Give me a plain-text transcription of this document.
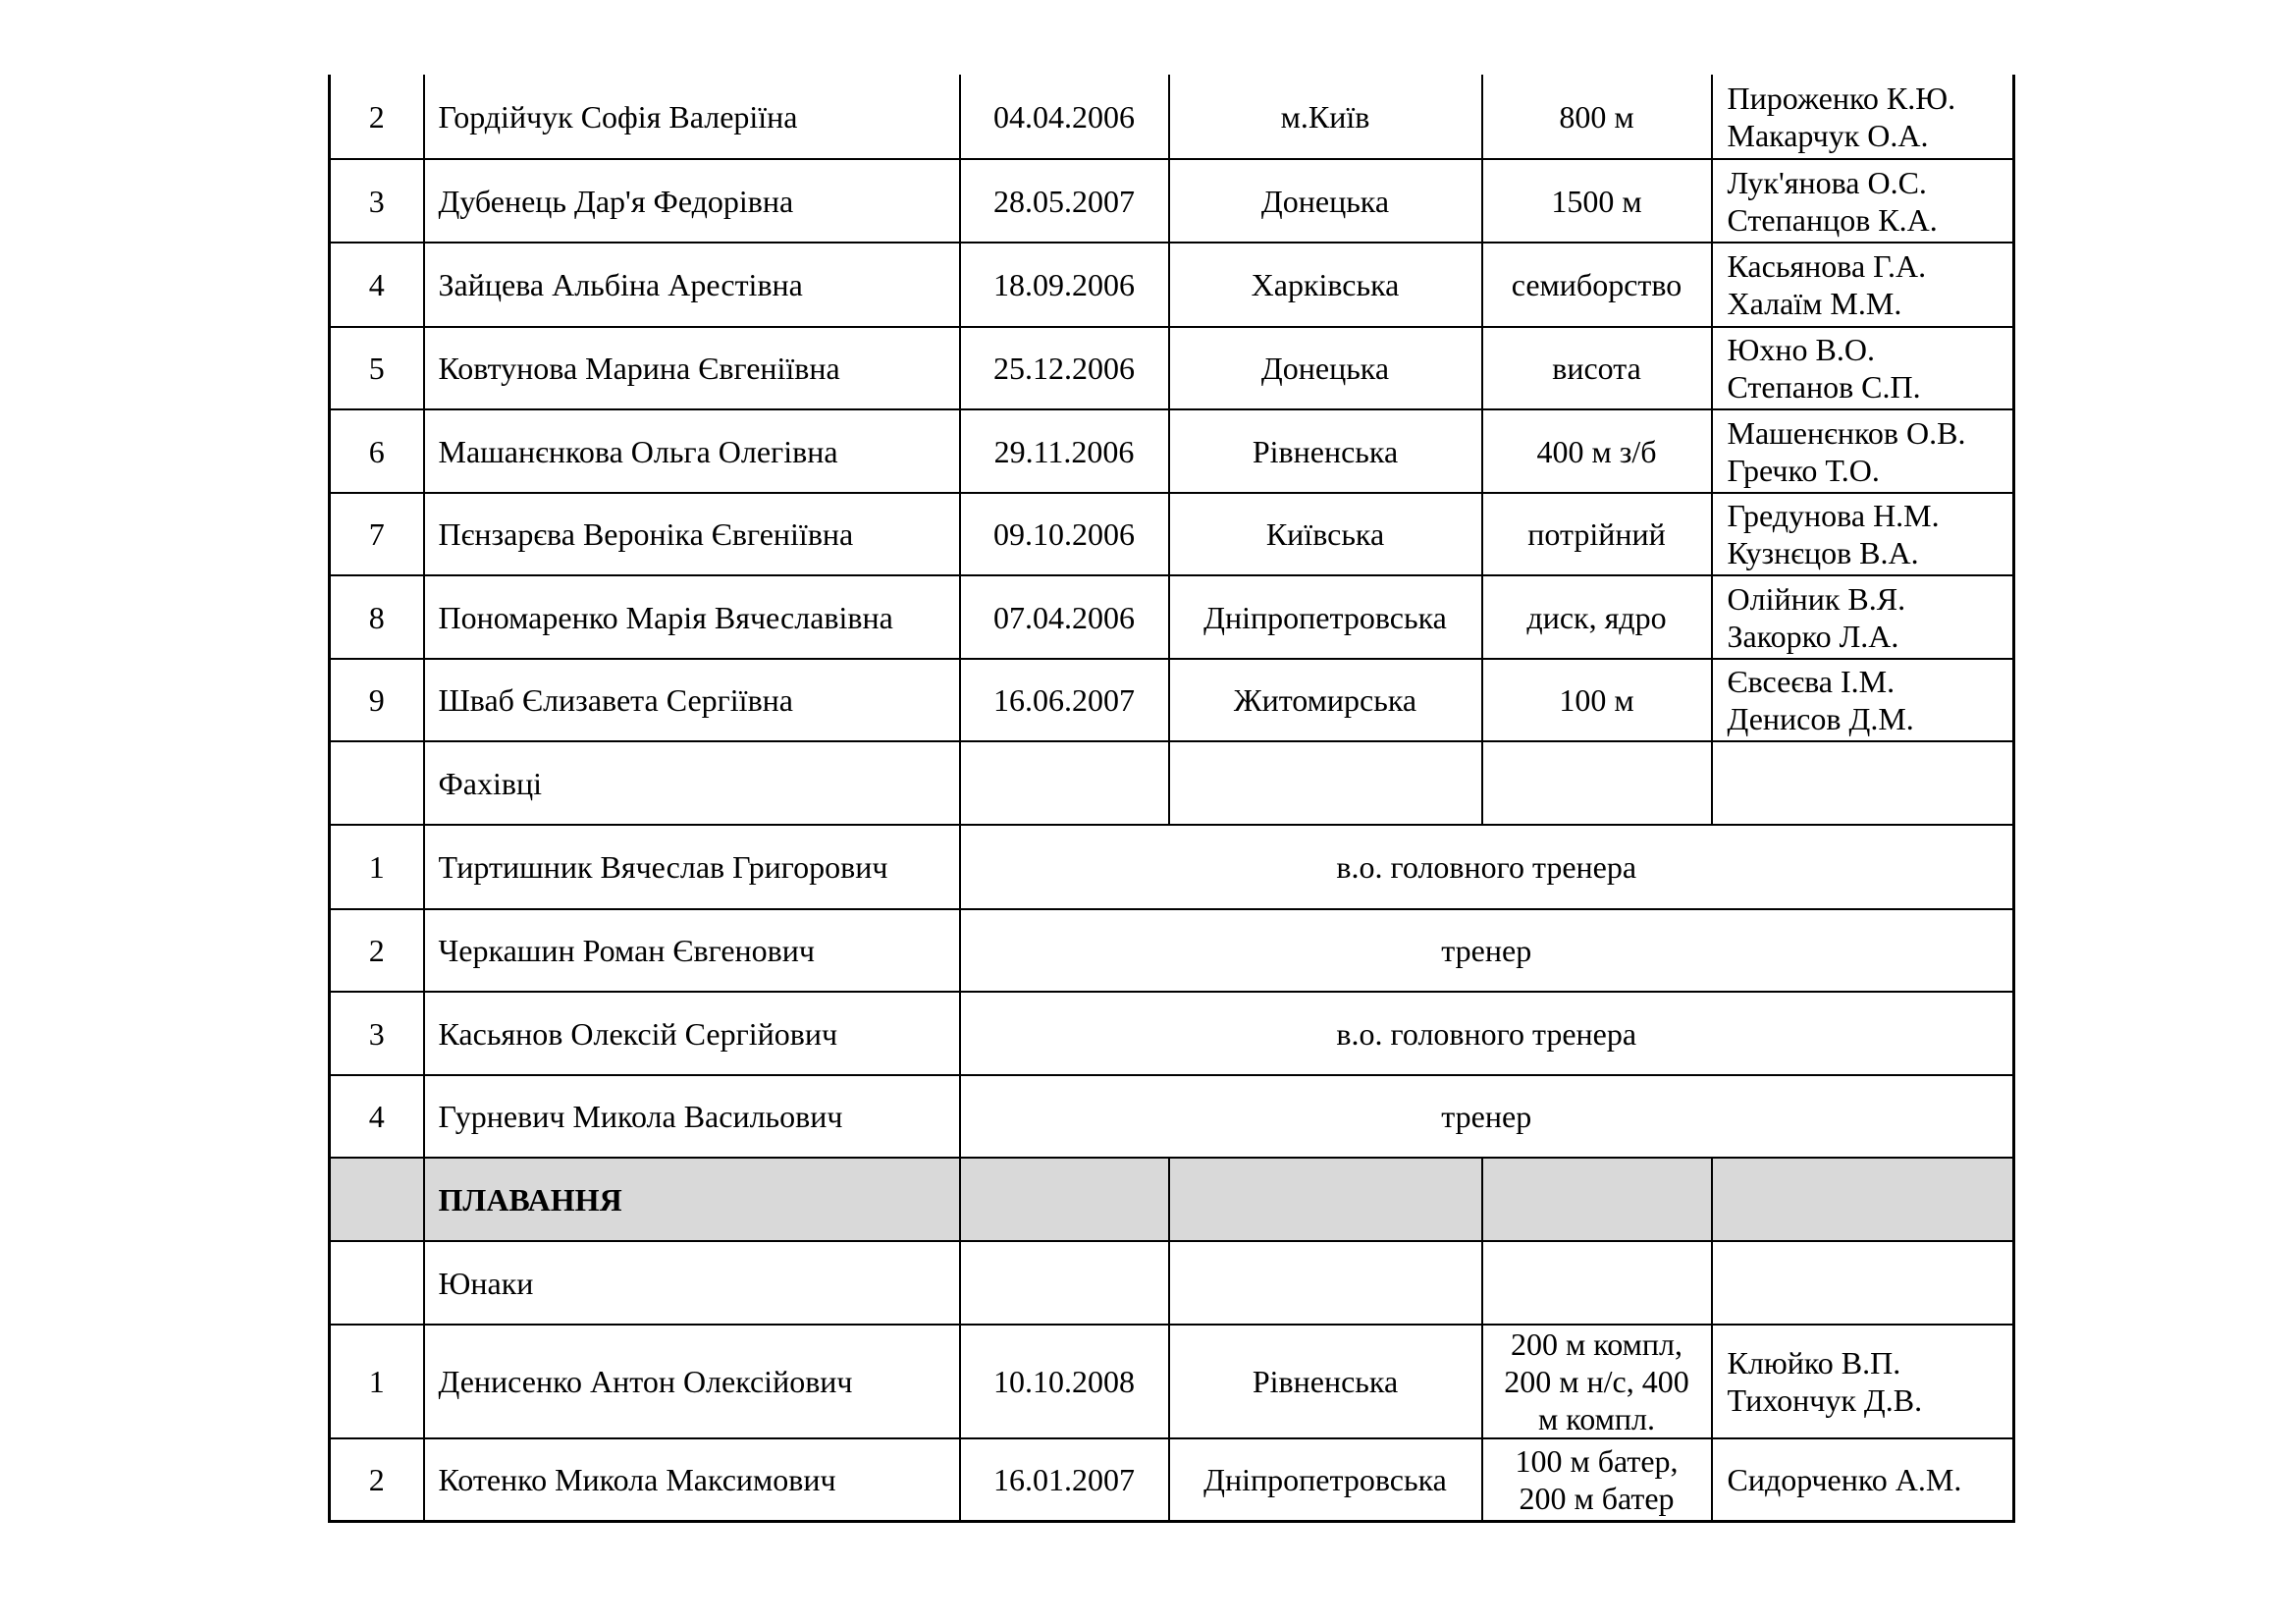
2	Гордійчук Софія Валеріїна	04.04.2006	м.Київ	800 м	Пироженко К.Ю.
Макарчук О.А.

3	Дубенець Дар'я Федорівна	28.05.2007	Донецька	1500 м	Лук'янова О.С.
Степанцов К.А.

4	Зайцева Альбіна Арестівна	18.09.2006	Харківська	семиборство	Касьянова Г.А.
Халаїм М.М.

5	Ковтунова Марина Євгеніївна	25.12.2006	Донецька	висота	Юхно В.О.
Степанов С.П.

6	Машанєнкова Ольга Олегівна	29.11.2006	Рівненська	400 м з/б	Машенєнков О.В.
Гречко Т.О.

7	Пєнзарєва Вероніка Євгеніївна	09.10.2006	Київська	потрійний	Гредунова Н.М.
Кузнєцов В.А.

8	Пономаренко Марія Вячеславівна	07.04.2006	Дніпропетровська	диск, ядро	Олійник В.Я.
Закорко Л.А.

9	Шваб Єлизавета Сергіївна	16.06.2007	Житомирська	100 м	Євсеєва І.М.
Денисов Д.М.

	Фахівці				
1	Тиртишник Вячеслав Григорович	в.о. головного тренера			
2	Черкашин Роман Євгенович	тренер			
3	Касьянов Олексій Сергійович	в.о. головного тренера			
4	Гурневич Микола Васильович	тренер			
	ПЛАВАННЯ				
	Юнаки				
1	Денисенко Антон Олексійович	10.10.2008	Рівненська	200 м компл,
200 м н/с, 400
м компл.	Клюйко В.П.
Тихончук Д.В.

2	Котенко Микола Максимович	16.01.2007	Дніпропетровська	100 м батер,
200 м батер	Сидорченко А.М.
